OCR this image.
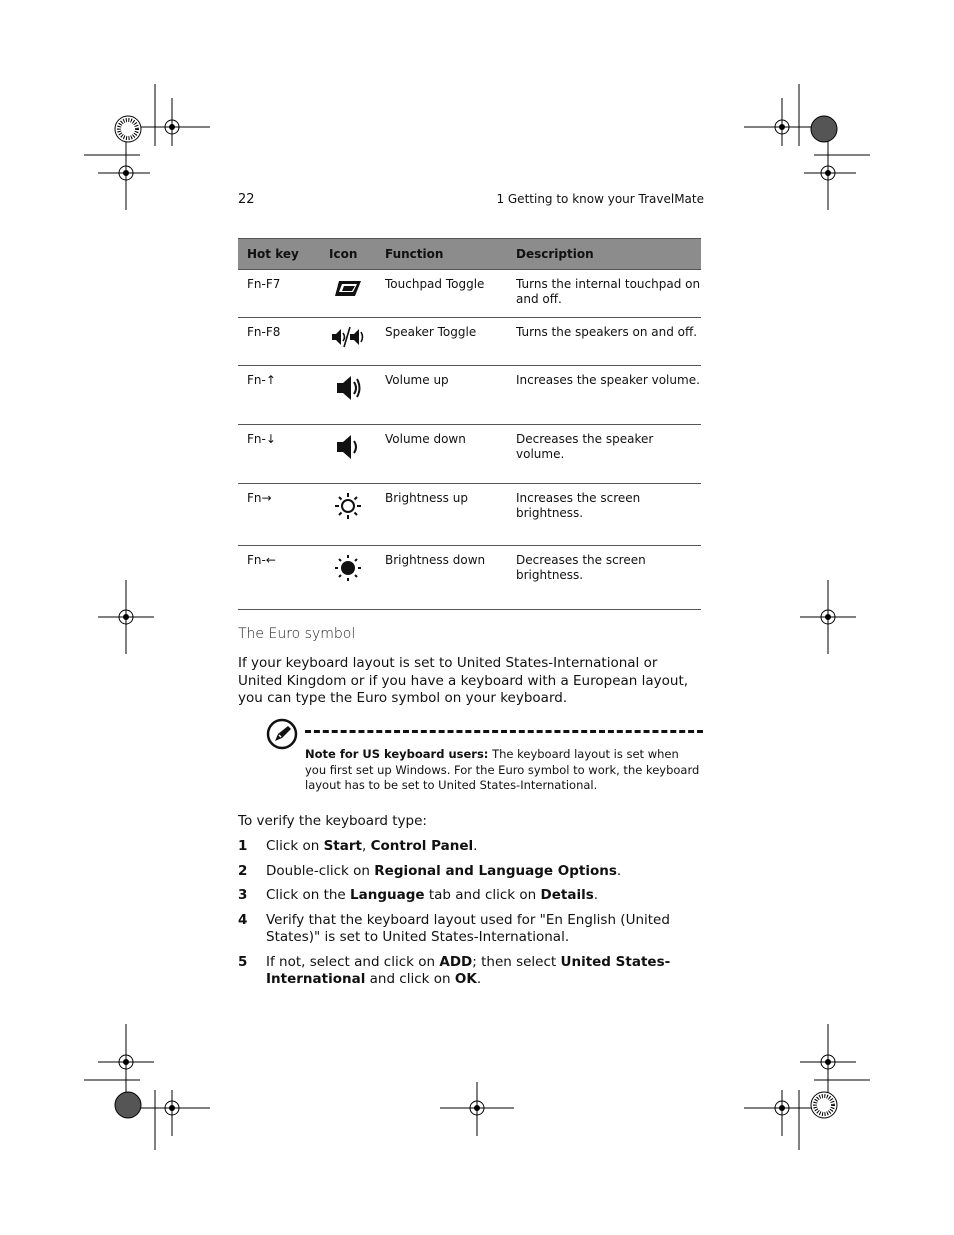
22	1 Getting to know your TravelMate
Hot key	Icon	Function	Description
Fn-F7		Touchpad Toggle	Turns the internal touchpad on and off.
Fn-F8		Speaker Toggle	Turns the speakers on and off.
Fn-↑		Volume up	Increases the speaker volume.
Fn-↓		Volume down	Decreases the speaker volume.
Fn→		Brightness up	Increases the screen brightness.
Fn-←		Brightness down	Decreases the screen brightness.
The Euro symbol
If your keyboard layout is set to United States-International or United Kingdom or if you have a keyboard with a European layout, you can type the Euro symbol on your keyboard.
Note for US keyboard users: The keyboard layout is set when you first set up Windows. For the Euro symbol to work, the keyboard layout has to be set to United States-International.
To verify the keyboard type:
1 Click on Start, Control Panel.
2 Double-click on Regional and Language Options.
3 Click on the Language tab and click on Details.
4 Verify that the keyboard layout used for "En English (United States)" is set to United States-International.
5 If not, select and click on ADD; then select United States-International and click on OK.
